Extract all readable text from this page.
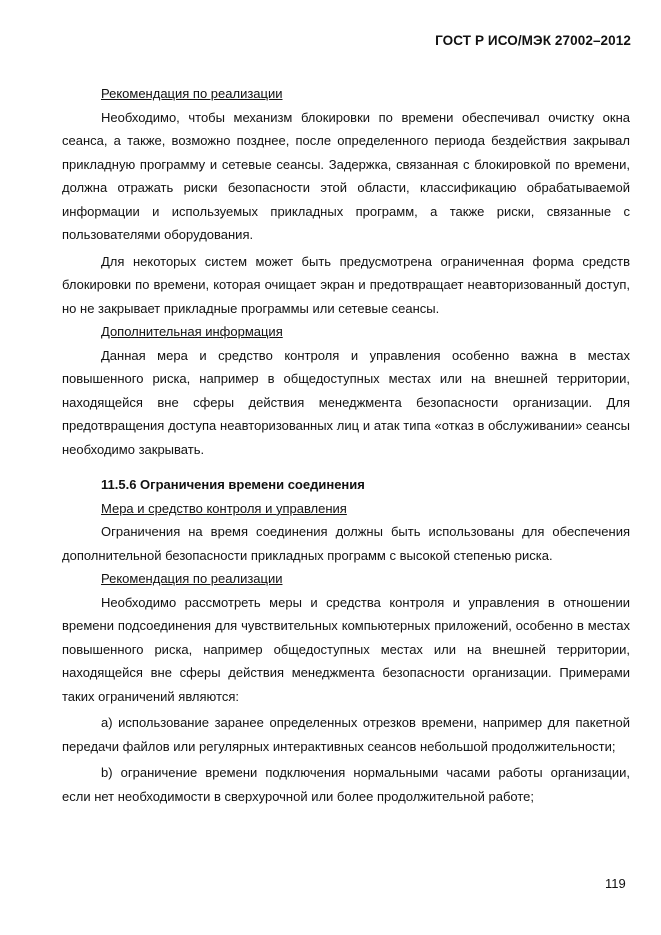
ГОСТ Р ИСО/МЭК 27002–2012

Рекомендация по реализации

Необходимо, чтобы механизм блокировки по времени обеспечивал очистку окна сеанса, а также, возможно позднее, после определенного периода бездействия закрывал прикладную программу и сетевые сеансы. Задержка, связанная с блокировкой по времени, должна отражать риски безопасности этой области, классификацию обрабатываемой информации и используемых прикладных программ, а также риски, связанные с пользователями оборудования.

Для некоторых систем может быть предусмотрена ограниченная форма средств блокировки по времени, которая очищает экран и предотвращает неавторизованный доступ, но не закрывает прикладные программы или сетевые сеансы.

Дополнительная информация

Данная мера и средство контроля и управления особенно важна в местах повышенного риска, например в общедоступных местах или на внешней территории, находящейся вне сферы действия менеджмента безопасности организации. Для предотвращения доступа неавторизованных лиц и атак типа «отказ в обслуживании» сеансы необходимо закрывать.

11.5.6 Ограничения времени соединения

Мера и средство контроля и управления

Ограничения на время соединения должны быть использованы для обеспечения дополнительной безопасности прикладных программ с высокой степенью риска.

Рекомендация по реализации

Необходимо рассмотреть меры и средства контроля и управления в отношении времени подсоединения для чувствительных компьютерных приложений, особенно в местах повышенного риска, например общедоступных местах или на внешней территории, находящейся вне сферы действия менеджмента безопасности организации. Примерами таких ограничений являются:

a) использование заранее определенных отрезков времени, например для пакетной передачи файлов или регулярных интерактивных сеансов небольшой продолжительности;

b) ограничение времени подключения нормальными часами работы организации, если нет необходимости в сверхурочной или более продолжительной работе;

119
